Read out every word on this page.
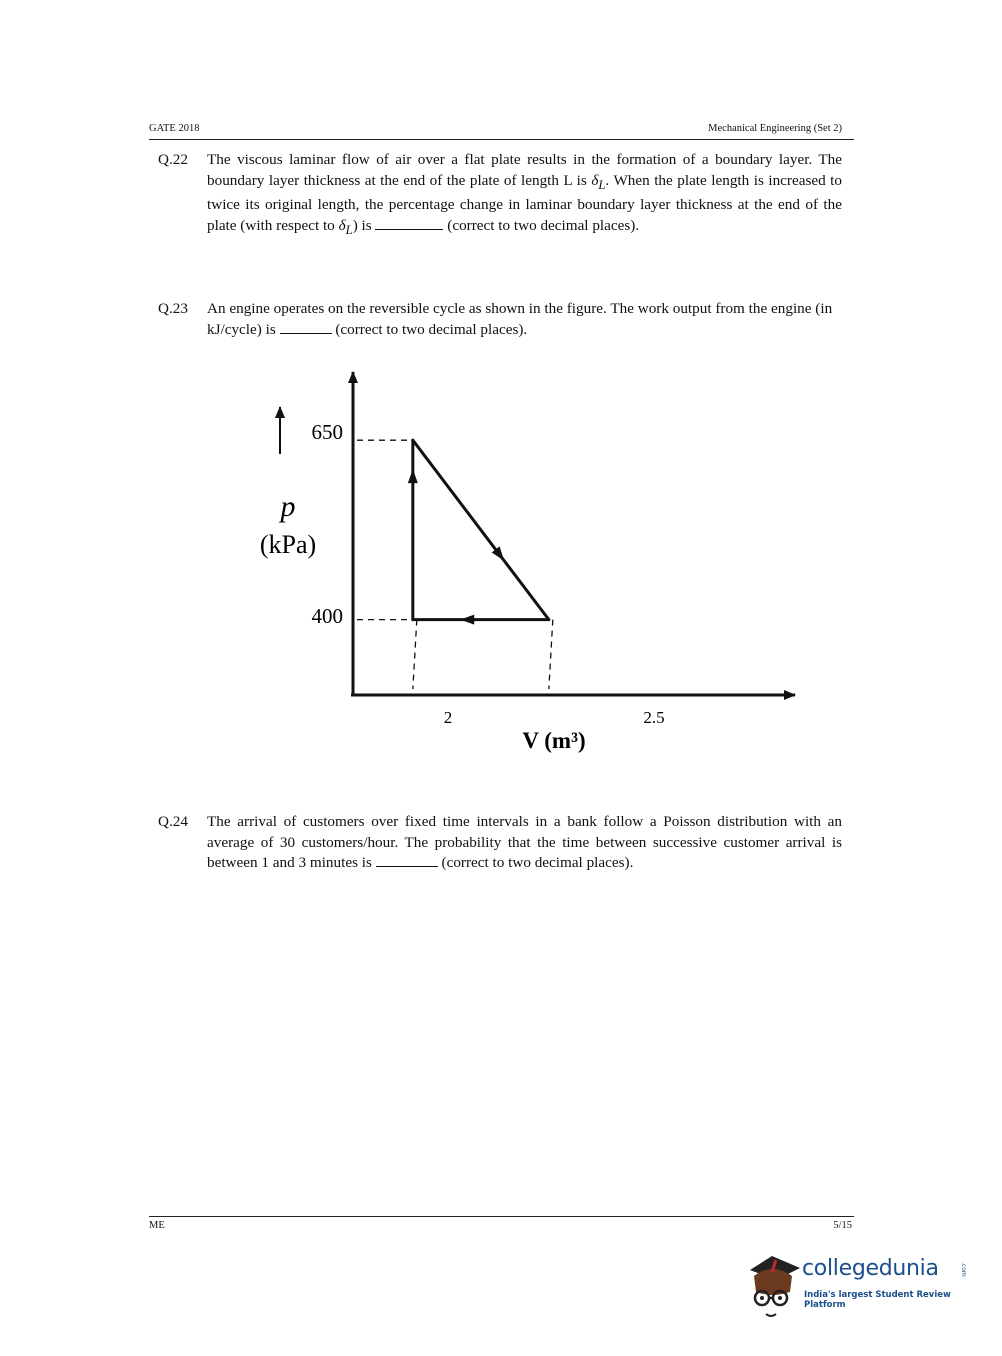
GATE 2018	Mechanical Engineering (Set 2)
Q.22 The viscous laminar flow of air over a flat plate results in the formation of a boundary layer. The boundary layer thickness at the end of the plate of length L is $\delta_L$. When the plate length is increased to twice its original length, the percentage change in laminar boundary layer thickness at the end of the plate (with respect to $\delta_L$) is	(correct to two decimal places).
Q.23 An engine operates on the reversible cycle as shown in the figure. The work output from the engine (in kJ/cycle) is	(correct to two decimal places).
650
400
p
(kPa)
2	2.5
V (m³)
Q.24 The arrival of customers over fixed time intervals in a bank follow a Poisson distribution with an average of 30 customers/hour. The probability that the time between successive customer arrival is between 1 and 3 minutes is	(correct to two decimal places).
ME	5/15
collegedunia	.com
India's largest Student Review Platform
